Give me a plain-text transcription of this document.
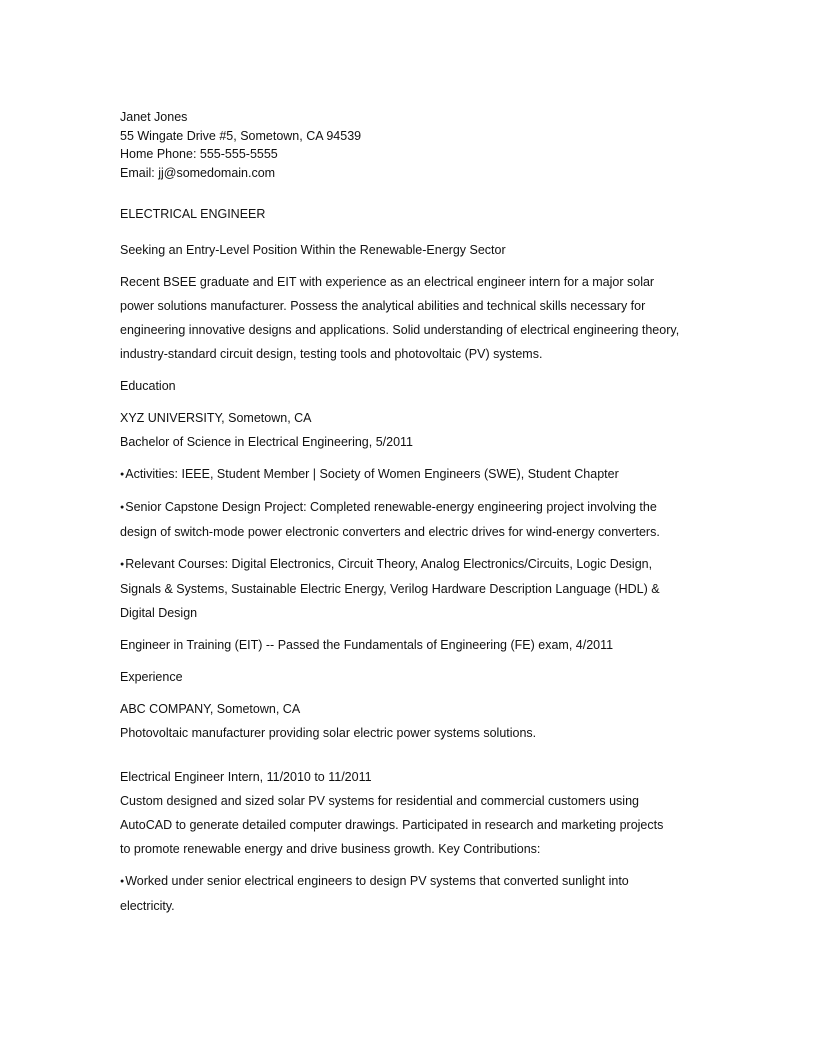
Janet Jones
55 Wingate Drive #5, Sometown, CA 94539
Home Phone: 555-555-5555
Email: jj@somedomain.com
ELECTRICAL ENGINEER
Seeking an Entry-Level Position Within the Renewable-Energy Sector
Recent BSEE graduate and EIT with experience as an electrical engineer intern for a major solar power solutions manufacturer. Possess the analytical abilities and technical skills necessary for engineering innovative designs and applications. Solid understanding of electrical engineering theory, industry-standard circuit design, testing tools and photovoltaic (PV) systems.
Education
XYZ UNIVERSITY, Sometown, CA
Bachelor of Science in Electrical Engineering, 5/2011
● Activities: IEEE, Student Member | Society of Women Engineers (SWE), Student Chapter
● Senior Capstone Design Project: Completed renewable-energy engineering project involving the design of switch-mode power electronic converters and electric drives for wind-energy converters.
● Relevant Courses: Digital Electronics, Circuit Theory, Analog Electronics/Circuits, Logic Design, Signals & Systems, Sustainable Electric Energy, Verilog Hardware Description Language (HDL) & Digital Design
Engineer in Training (EIT) -- Passed the Fundamentals of Engineering (FE) exam, 4/2011
Experience
ABC COMPANY, Sometown, CA
Photovoltaic manufacturer providing solar electric power systems solutions.
Electrical Engineer Intern, 11/2010 to 11/2011
Custom designed and sized solar PV systems for residential and commercial customers using AutoCAD to generate detailed computer drawings. Participated in research and marketing projects to promote renewable energy and drive business growth. Key Contributions:
● Worked under senior electrical engineers to design PV systems that converted sunlight into electricity.
